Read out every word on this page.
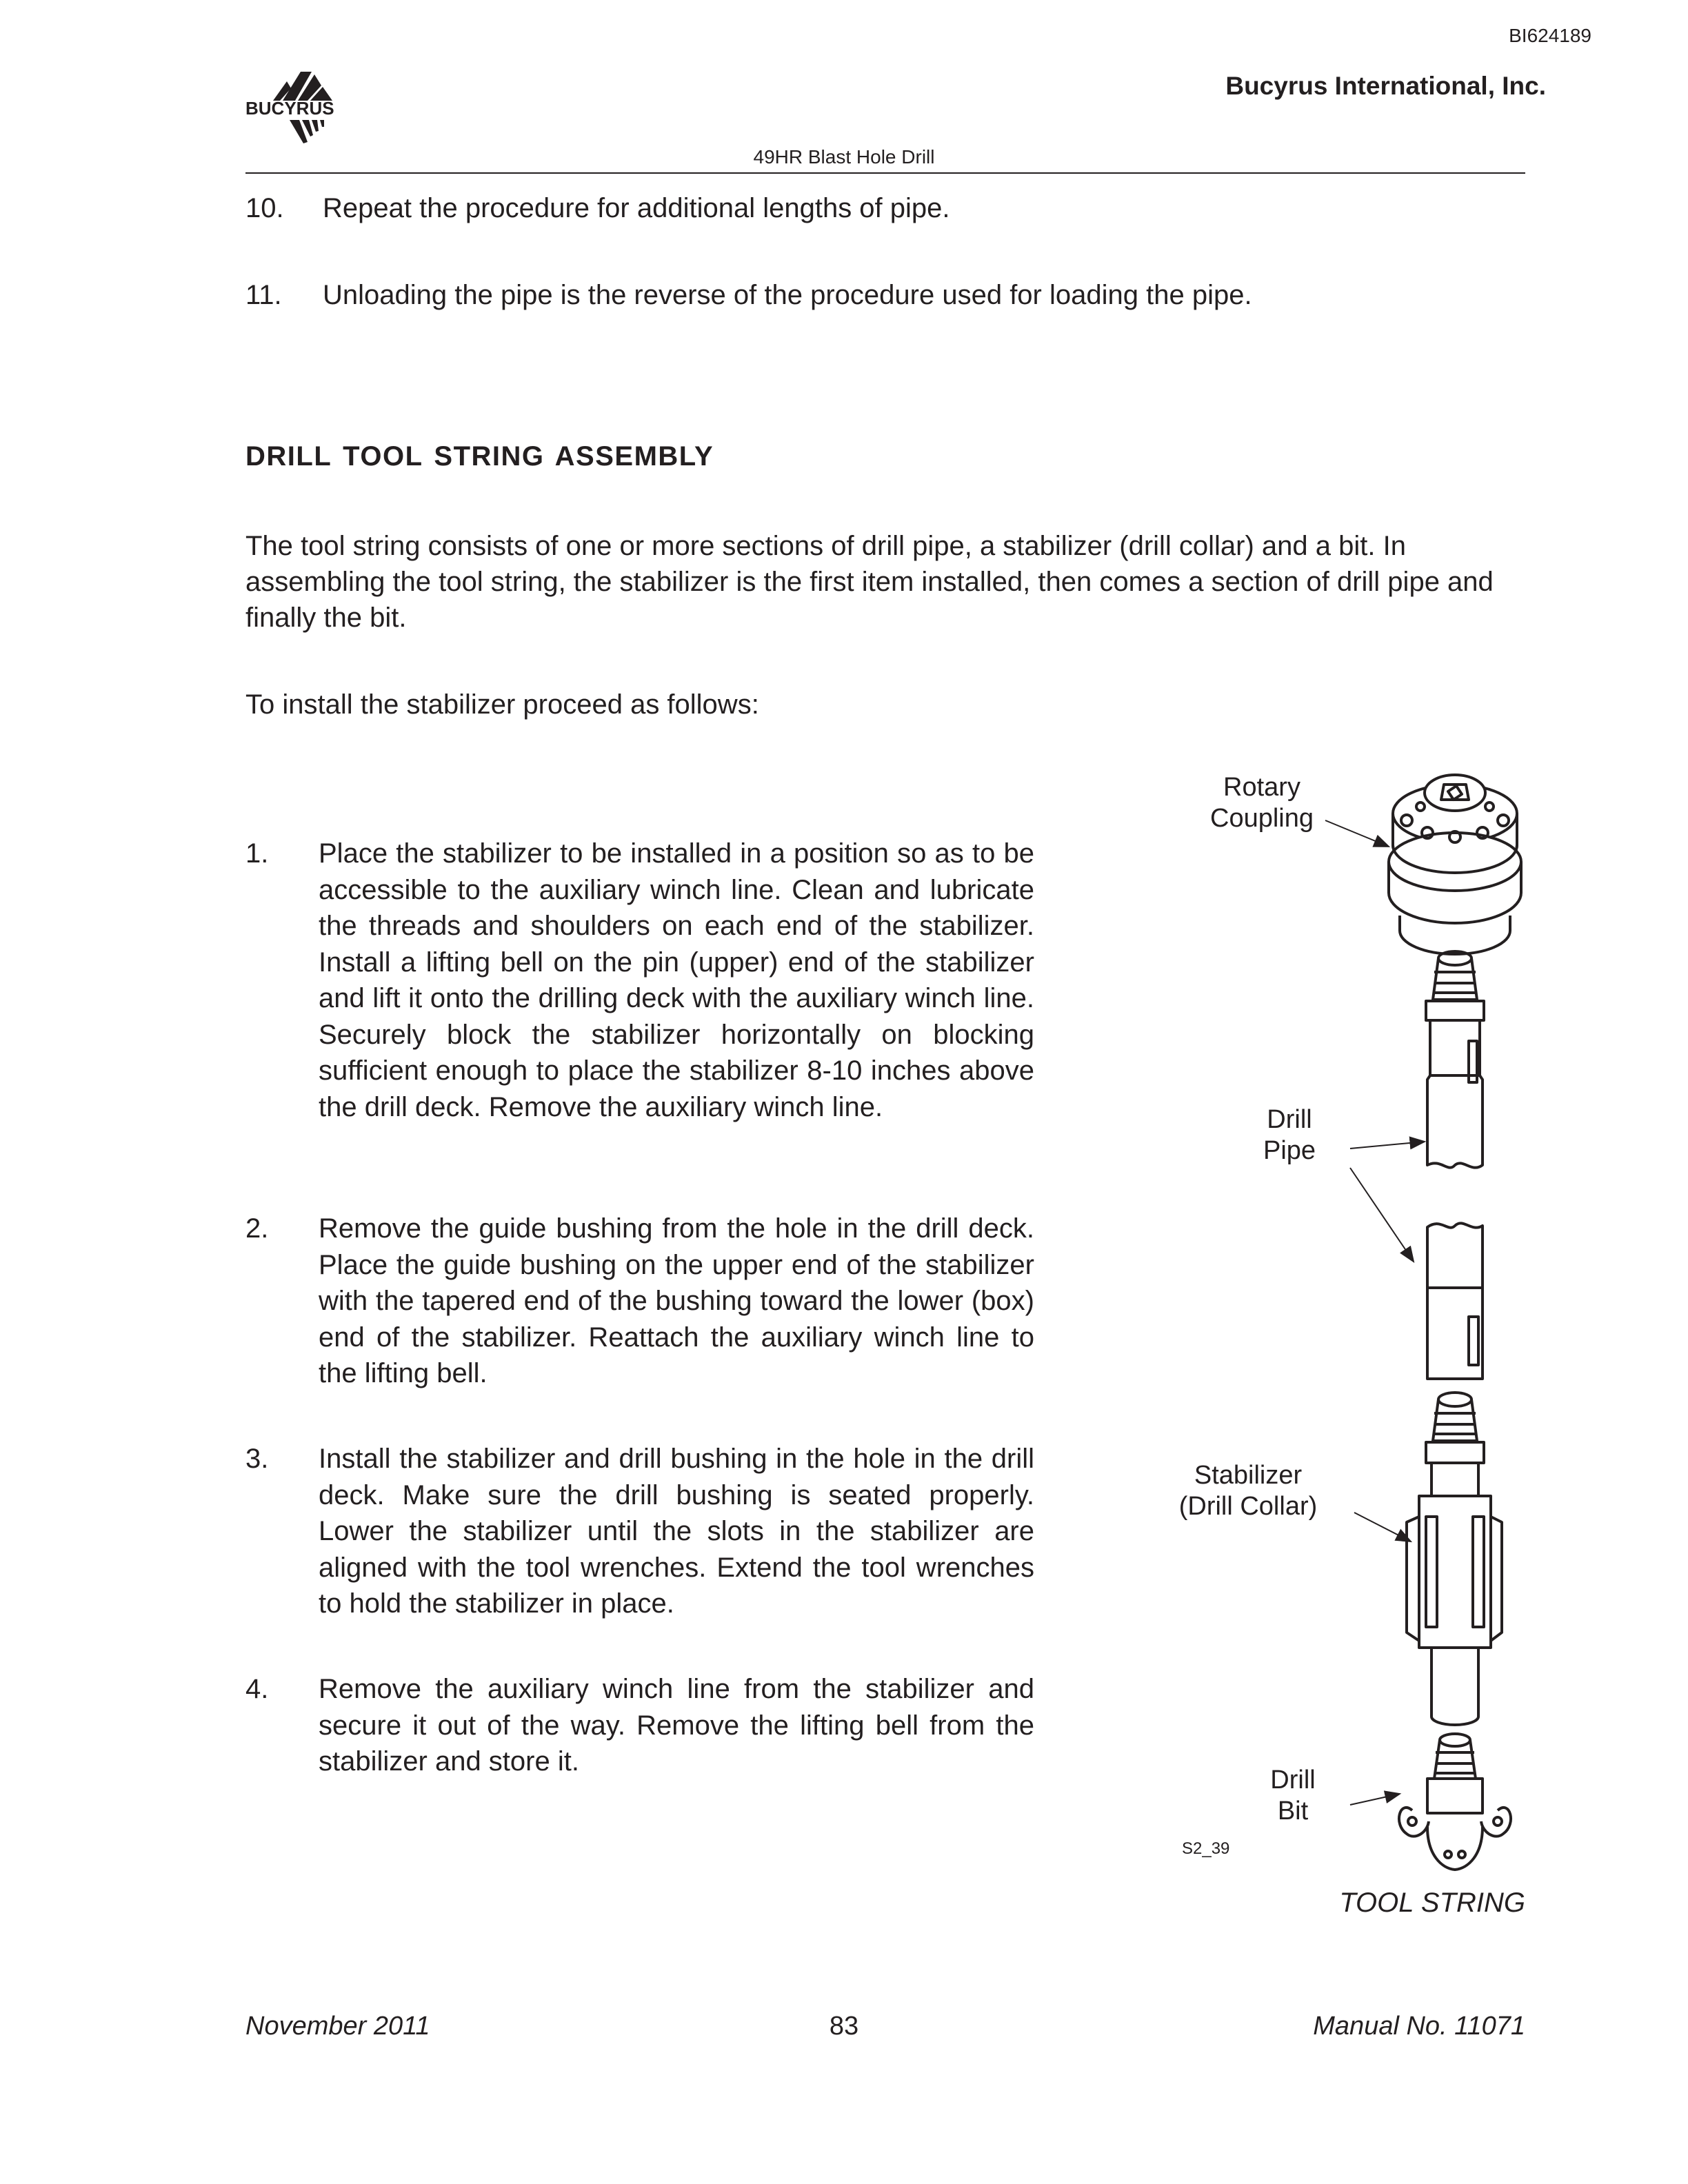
BI624189
Bucyrus International, Inc.
BUCYRUS
49HR Blast Hole Drill
10. Repeat the procedure for additional lengths of pipe.
11. Unloading the pipe is the reverse of the procedure used for loading the pipe.
DRILL TOOL STRING ASSEMBLY
The tool string consists of one or more sections of drill pipe, a stabilizer (drill collar) and a bit. In assembling the tool string, the stabilizer is the first item installed, then comes a section of drill pipe and finally the bit.
To install the stabilizer proceed as follows:
1. Place the stabilizer to be installed in a position so as to be accessible to the auxiliary winch line. Clean and lubricate the threads and shoulders on each end of the stabilizer. Install a lifting bell on the pin (upper) end of the stabilizer and lift it onto the drilling deck with the auxiliary winch line. Securely block the stabilizer horizontally on blocking sufficient enough to place the stabilizer 8-10 inches above the drill deck. Remove the auxiliary winch line.
2. Remove the guide bushing from the hole in the drill deck. Place the guide bushing on the upper end of the stabilizer with the tapered end of the bushing toward the lower (box) end of the stabilizer. Reattach the auxiliary winch line to the lifting bell.
3. Install the stabilizer and drill bushing in the hole in the drill deck. Make sure the drill bushing is seated properly. Lower the stabilizer until the slots in the stabilizer are aligned with the tool wrenches. Extend the tool wrenches to hold the stabilizer in place.
4. Remove the auxiliary winch line from the stabilizer and secure it out of the way. Remove the lifting bell from the stabilizer and store it.
Rotary
Coupling
Drill
Pipe
Stabilizer
(Drill Collar)
Drill
Bit
S2_39
TOOL STRING
November 2011	83	Manual No. 11071
